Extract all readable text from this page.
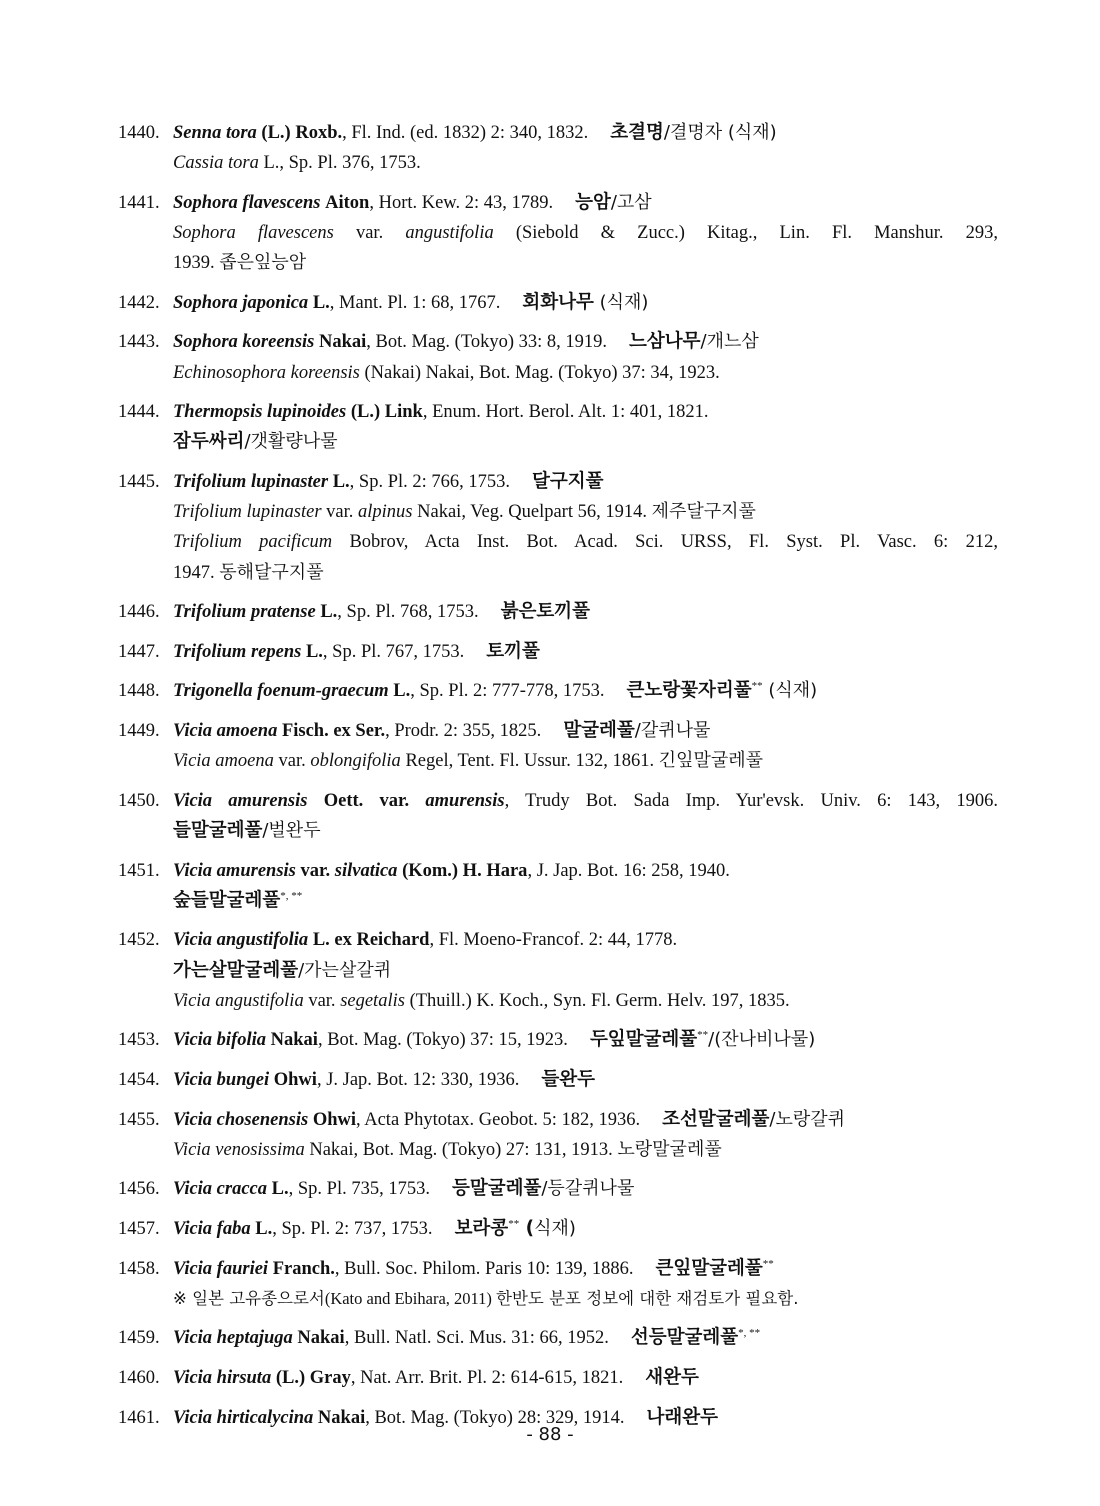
1440. Senna tora (L.) Roxb., Fl. Ind. (ed. 1832) 2: 340, 1832. 초결명/결명자 (식재)
Cassia tora L., Sp. Pl. 376, 1753.
1441. Sophora flavescens Aiton, Hort. Kew. 2: 43, 1789. 능암/고삼
Sophora flavescens var. angustifolia (Siebold & Zucc.) Kitag., Lin. Fl. Manshur. 293,
1939. 좁은잎능암
1442. Sophora japonica L., Mant. Pl. 1: 68, 1767. 회화나무 (식재)
1443. Sophora koreensis Nakai, Bot. Mag. (Tokyo) 33: 8, 1919. 느삼나무/개느삼
Echinosophora koreensis (Nakai) Nakai, Bot. Mag. (Tokyo) 37: 34, 1923.
1444. Thermopsis lupinoides (L.) Link, Enum. Hort. Berol. Alt. 1: 401, 1821.
잠두싸리/갯활량나물
1445. Trifolium lupinaster L., Sp. Pl. 2: 766, 1753. 달구지풀
Trifolium lupinaster var. alpinus Nakai, Veg. Quelpart 56, 1914. 제주달구지풀
Trifolium pacificum Bobrov, Acta Inst. Bot. Acad. Sci. URSS, Fl. Syst. Pl. Vasc. 6: 212,
1947. 동해달구지풀
1446. Trifolium pratense L., Sp. Pl. 768, 1753. 붉은토끼풀
1447. Trifolium repens L., Sp. Pl. 767, 1753. 토끼풀
1448. Trigonella foenum-graecum L., Sp. Pl. 2: 777-778, 1753. 큰노랑꽃자리풀** (식재)
1449. Vicia amoena Fisch. ex Ser., Prodr. 2: 355, 1825. 말굴레풀/갈퀴나물
Vicia amoena var. oblongifolia Regel, Tent. Fl. Ussur. 132, 1861. 긴잎말굴레풀
1450. Vicia amurensis Oett. var. amurensis, Trudy Bot. Sada Imp. Yur'evsk. Univ. 6: 143, 1906.
들말굴레풀/벌완두
1451. Vicia amurensis var. silvatica (Kom.) H. Hara, J. Jap. Bot. 16: 258, 1940.
숲들말굴레풀*, **
1452. Vicia angustifolia L. ex Reichard, Fl. Moeno-Francof. 2: 44, 1778.
가는살말굴레풀/가는살갈퀴
Vicia angustifolia var. segetalis (Thuill.) K. Koch., Syn. Fl. Germ. Helv. 197, 1835.
1453. Vicia bifolia Nakai, Bot. Mag. (Tokyo) 37: 15, 1923. 두잎말굴레풀**/(잔나비나물)
1454. Vicia bungei Ohwi, J. Jap. Bot. 12: 330, 1936. 들완두
1455. Vicia chosenensis Ohwi, Acta Phytotax. Geobot. 5: 182, 1936. 조선말굴레풀/노랑갈퀴
Vicia venosissima Nakai, Bot. Mag. (Tokyo) 27: 131, 1913. 노랑말굴레풀
1456. Vicia cracca L., Sp. Pl. 735, 1753. 등말굴레풀/등갈퀴나물
1457. Vicia faba L., Sp. Pl. 2: 737, 1753. 보라콩** (식재)
1458. Vicia fauriei Franch., Bull. Soc. Philom. Paris 10: 139, 1886. 큰잎말굴레풀**
※ 일본 고유종으로서(Kato and Ebihara, 2011) 한반도 분포 정보에 대한 재검토가 필요함.
1459. Vicia heptajuga Nakai, Bull. Natl. Sci. Mus. 31: 66, 1952. 선등말굴레풀*, **
1460. Vicia hirsuta (L.) Gray, Nat. Arr. Brit. Pl. 2: 614-615, 1821. 새완두
1461. Vicia hirticalycina Nakai, Bot. Mag. (Tokyo) 28: 329, 1914. 나래완두
- 88 -
